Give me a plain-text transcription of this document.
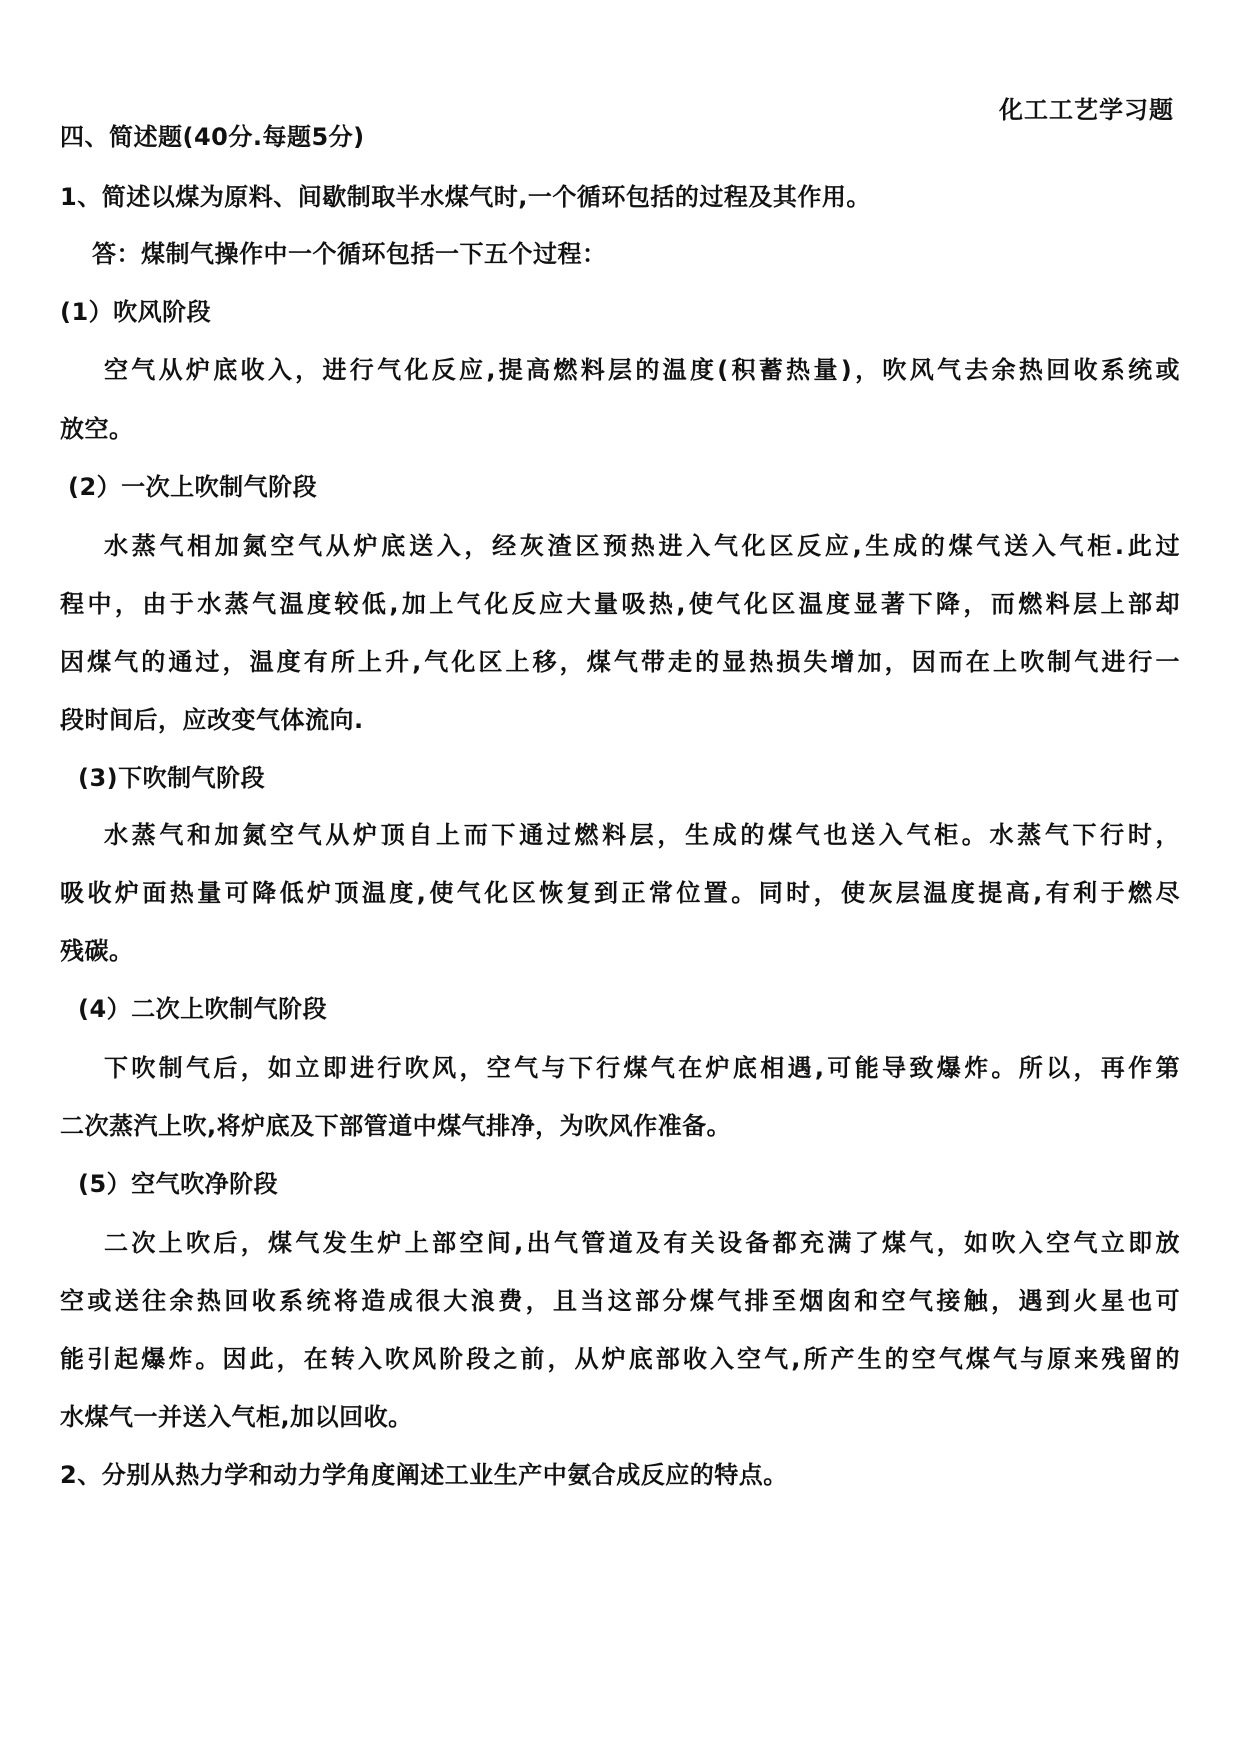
化工工艺学习题
四、简述题(40分.每题5分)
1、简述以煤为原料、间歇制取半水煤气时,一个循环包括的过程及其作用。
答：煤制气操作中一个循环包括一下五个过程：
(1）吹风阶段
空气从炉底收入，进行气化反应,提高燃料层的温度(积蓄热量)，吹风气去余热回收系统或
放空。
(2）一次上吹制气阶段
水蒸气相加氮空气从炉底送入，经灰渣区预热进入气化区反应,生成的煤气送入气柜.此过
程中，由于水蒸气温度较低,加上气化反应大量吸热,使气化区温度显著下降，而燃料层上部却
因煤气的通过，温度有所上升,气化区上移，煤气带走的显热损失增加，因而在上吹制气进行一
段时间后，应改变气体流向.
(3)下吹制气阶段
水蒸气和加氮空气从炉顶自上而下通过燃料层，生成的煤气也送入气柜。水蒸气下行时，
吸收炉面热量可降低炉顶温度,使气化区恢复到正常位置。同时，使灰层温度提高,有利于燃尽
残碳。
(4）二次上吹制气阶段
下吹制气后，如立即进行吹风，空气与下行煤气在炉底相遇,可能导致爆炸。所以，再作第
二次蒸汽上吹,将炉底及下部管道中煤气排净，为吹风作准备。
(5）空气吹净阶段
二次上吹后，煤气发生炉上部空间,出气管道及有关设备都充满了煤气，如吹入空气立即放
空或送往余热回收系统将造成很大浪费，且当这部分煤气排至烟囱和空气接触，遇到火星也可
能引起爆炸。因此，在转入吹风阶段之前，从炉底部收入空气,所产生的空气煤气与原来残留的
水煤气一并送入气柜,加以回收。
2、分别从热力学和动力学角度阐述工业生产中氨合成反应的特点。
